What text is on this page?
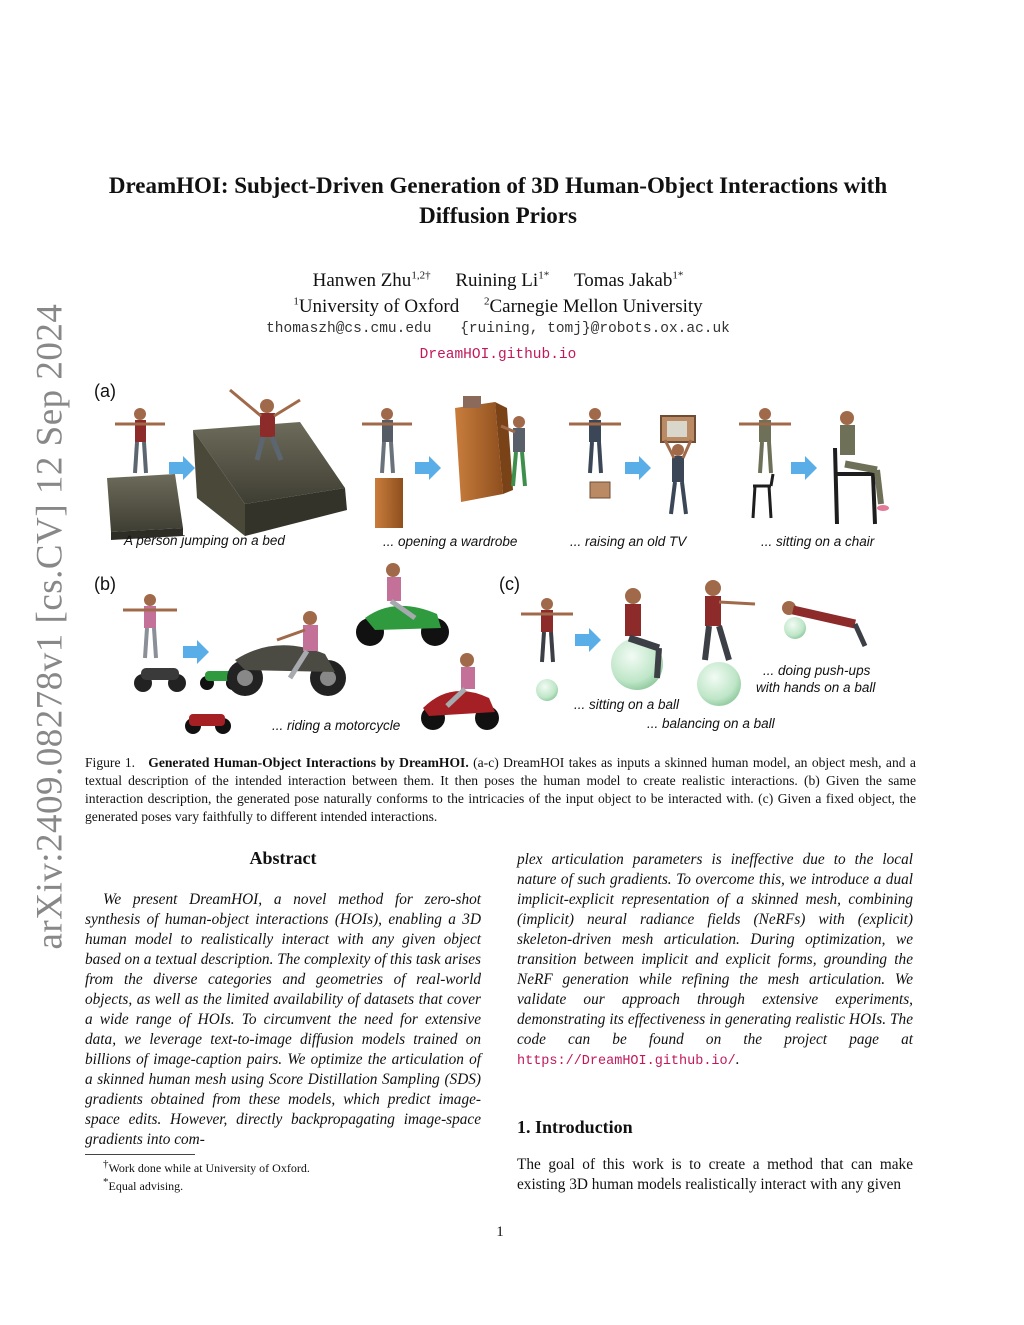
arXiv:2409.08278v1 [cs.CV] 12 Sep 2024
DreamHOI: Subject-Driven Generation of 3D Human-Object Interactions with
Diffusion Priors
Hanwen Zhu$^{1,2\dagger}$ Ruining $Li^{1*}$ Tomas Jakab$^{1*}$
$^1$University of Oxford $^2$Carnegie Mellon University
thomaszh@cs.cmu.edu {ruining, tomj}@robots.ox.ac.uk
DreamHOI.github.io
(a)
(b)	(c)
A person jumping on a bed	... opening a wardrobe	... raising an old TV	... sitting on a chair
... riding a motorcycle
... sitting on a ball
... balancing on a ball
... doing push-ups
with hands on a ball
Figure 1. Generated Human-Object Interactions by DreamHOI. (a-c) DreamHOI takes as inputs a skinned human model, an object mesh, and a textual description of the intended interaction between them. It then poses the human model to create realistic interactions. (b) Given the same interaction description, the generated pose naturally conforms to the intricacies of the input object to be interacted with. (c) Given a fixed object, the generated poses vary faithfully to different intended interactions.
Abstract
We present DreamHOI, a novel method for zero-shot synthesis of human-object interactions (HOIs), enabling a 3D human model to realistically interact with any given object based on a textual description. The complexity of this task arises from the diverse categories and geometries of real-world objects, as well as the limited availability of datasets that cover a wide range of HOIs. To circumvent the need for extensive data, we leverage text-to-image diffusion models trained on billions of image-caption pairs. We optimize the articulation of a skinned human mesh using Score Distillation Sampling (SDS) gradients obtained from these models, which predict image-space edits. However, directly backpropagating image-space gradients into com-
plex articulation parameters is ineffective due to the local nature of such gradients. To overcome this, we introduce a dual implicit-explicit representation of a skinned mesh, combining (implicit) neural radiance fields (NeRFs) with (explicit) skeleton-driven mesh articulation. During optimization, we transition between implicit and explicit forms, grounding the NeRF generation while refining the mesh articulation. We validate our approach through extensive experiments, demonstrating its effectiveness in generating realistic HOIs. The code can be found on the project page at https://DreamHOI.github.io/.
1. Introduction
The goal of this work is to create a method that can make existing 3D human models realistically interact with any given
†Work done while at University of Oxford.
*Equal advising.
1
